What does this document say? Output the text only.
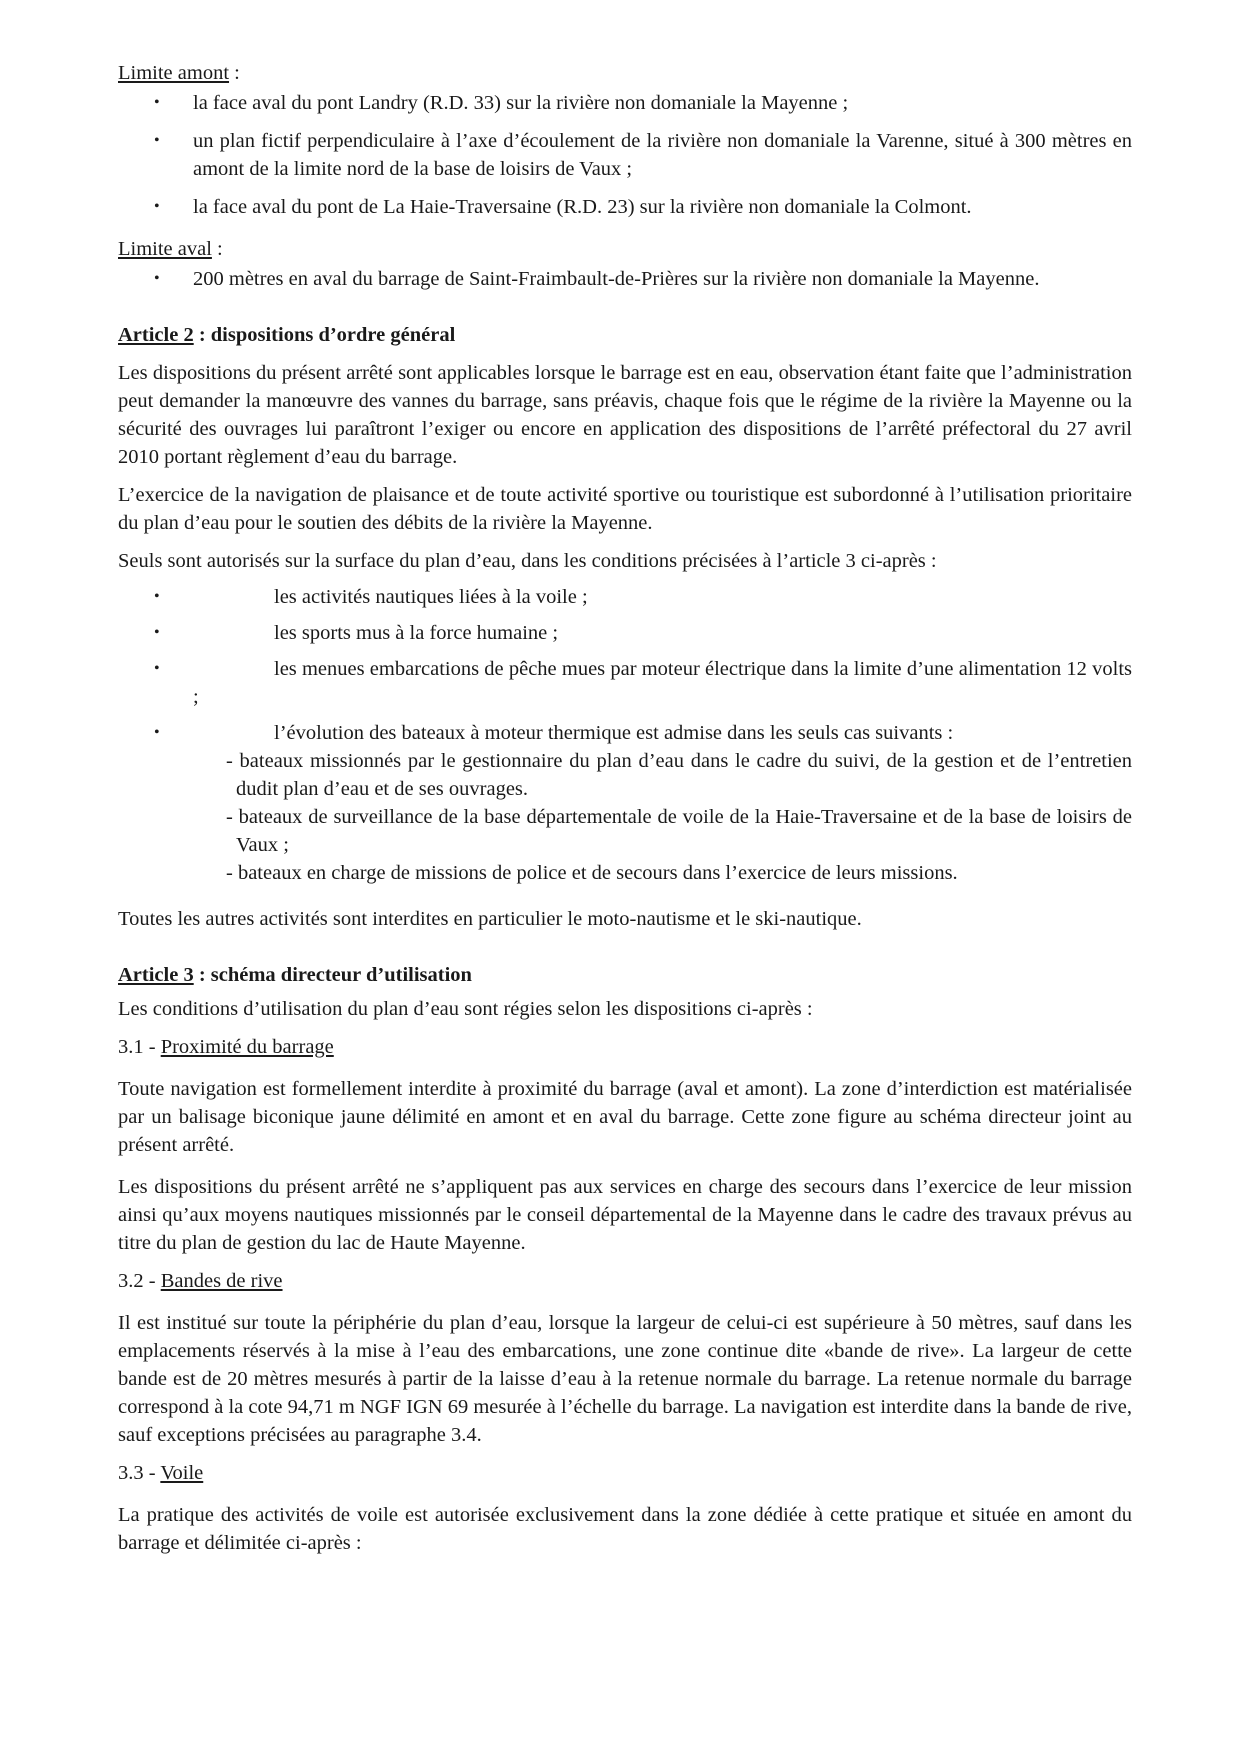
Limite amont :

• la face aval du pont Landry (R.D. 33) sur la rivière non domaniale la Mayenne ;
• un plan fictif perpendiculaire à l’axe d’écoulement de la rivière non domaniale la Varenne, situé à 300 mètres en amont de la limite nord de la base de loisirs de Vaux ;
• la face aval du pont de La Haie-Traversaine (R.D. 23) sur la rivière non domaniale la Colmont.

Limite aval :

• 200 mètres en aval du barrage de Saint-Fraimbault-de-Prières sur la rivière non domaniale la Mayenne.

Article 2 : dispositions d’ordre général

Les dispositions du présent arrêté sont applicables lorsque le barrage est en eau, observation étant faite que l’administration peut demander la manœuvre des vannes du barrage, sans préavis, chaque fois que le régime de la rivière la Mayenne ou la sécurité des ouvrages lui paraîtront l’exiger ou encore en application des dispositions de l’arrêté préfectoral du 27 avril 2010 portant règlement d’eau du barrage.

L’exercice de la navigation de plaisance et de toute activité sportive ou touristique est subordonné à l’utilisation prioritaire du plan d’eau pour le soutien des débits de la rivière la Mayenne.

Seuls sont autorisés sur la surface du plan d’eau, dans les conditions précisées à l’article 3 ci-après :

•	les activités nautiques liées à la voile ;
•	les sports mus à la force humaine ;
•	les menues embarcations de pêche mues par moteur électrique dans la limite d’une alimentation 12 volts ;
•	l’évolution des bateaux à moteur thermique est admise dans les seuls cas suivants :

- bateaux missionnés par le gestionnaire du plan d’eau dans le cadre du suivi, de la gestion et de l’entretien dudit plan d’eau et de ses ouvrages.

- bateaux de surveillance de la base départementale de voile de la Haie-Traversaine et de la base de loisirs de Vaux ;

- bateaux en charge de missions de police et de secours dans l’exercice de leurs missions.

Toutes les autres activités sont interdites en particulier le moto-nautisme et le ski-nautique.

Article 3 : schéma directeur d’utilisation

Les conditions d’utilisation du plan d’eau sont régies selon les dispositions ci-après :

3.1 - Proximité du barrage

Toute navigation est formellement interdite à proximité du barrage (aval et amont). La zone d’interdiction est matérialisée par un balisage biconique jaune délimité en amont et en aval du barrage. Cette zone figure au schéma directeur joint au présent arrêté.

Les dispositions du présent arrêté ne s’appliquent pas aux services en charge des secours dans l’exercice de leur mission ainsi qu’aux moyens nautiques missionnés par le conseil départemental de la Mayenne dans le cadre des travaux prévus au titre du plan de gestion du lac de Haute Mayenne.

3.2 - Bandes de rive

Il est institué sur toute la périphérie du plan d’eau, lorsque la largeur de celui-ci est supérieure à 50 mètres, sauf dans les emplacements réservés à la mise à l’eau des embarcations, une zone continue dite «bande de rive». La largeur de cette bande est de 20 mètres mesurés à partir de la laisse d’eau à la retenue normale du barrage. La retenue normale du barrage correspond à la cote 94,71 m NGF IGN 69 mesurée à l’échelle du barrage. La navigation est interdite dans la bande de rive, sauf exceptions précisées au paragraphe 3.4.

3.3 - Voile

La pratique des activités de voile est autorisée exclusivement dans la zone dédiée à cette pratique et située en amont du barrage et délimitée ci-après :
